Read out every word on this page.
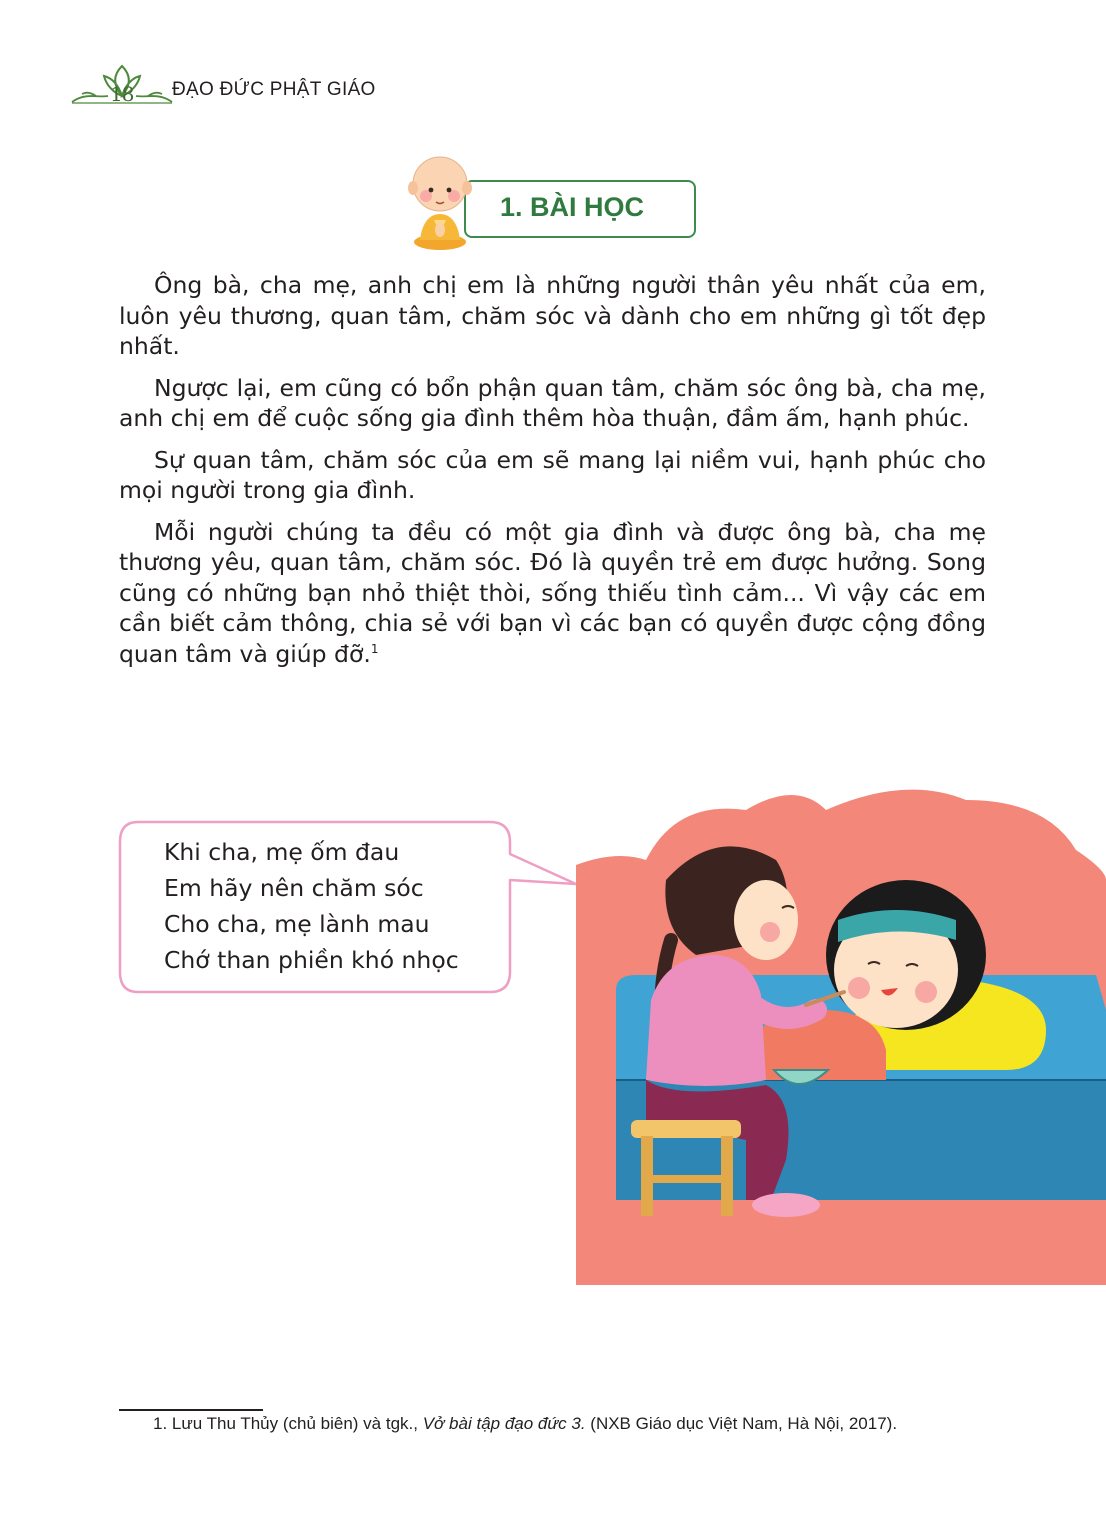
18 ĐẠO ĐỨC PHẬT GIÁO
1. BÀI HỌC

Ông bà, cha mẹ, anh chị em là những người thân yêu nhất của em, luôn yêu thương, quan tâm, chăm sóc và dành cho em những gì tốt đẹp nhất.

Ngược lại, em cũng có bổn phận quan tâm, chăm sóc ông bà, cha mẹ, anh chị em để cuộc sống gia đình thêm hòa thuận, đầm ấm, hạnh phúc.

Sự quan tâm, chăm sóc của em sẽ mang lại niềm vui, hạnh phúc cho mọi người trong gia đình.

Mỗi người chúng ta đều có một gia đình và được ông bà, cha mẹ thương yêu, quan tâm, chăm sóc. Đó là quyền trẻ em được hưởng. Song cũng có những bạn nhỏ thiệt thòi, sống thiếu tình cảm... Vì vậy các em cần biết cảm thông, chia sẻ với bạn vì các bạn có quyền được cộng đồng quan tâm và giúp đỡ.$^1$

Khi cha, mẹ ốm đau
Em hãy nên chăm sóc
Cho cha, mẹ lành mau
Chớ than phiền khó nhọc
1. Lưu Thu Thủy (chủ biên) và tgk., Vở bài tập đạo đức 3. (NXB Giáo dục Việt Nam, Hà Nội, 2017).
